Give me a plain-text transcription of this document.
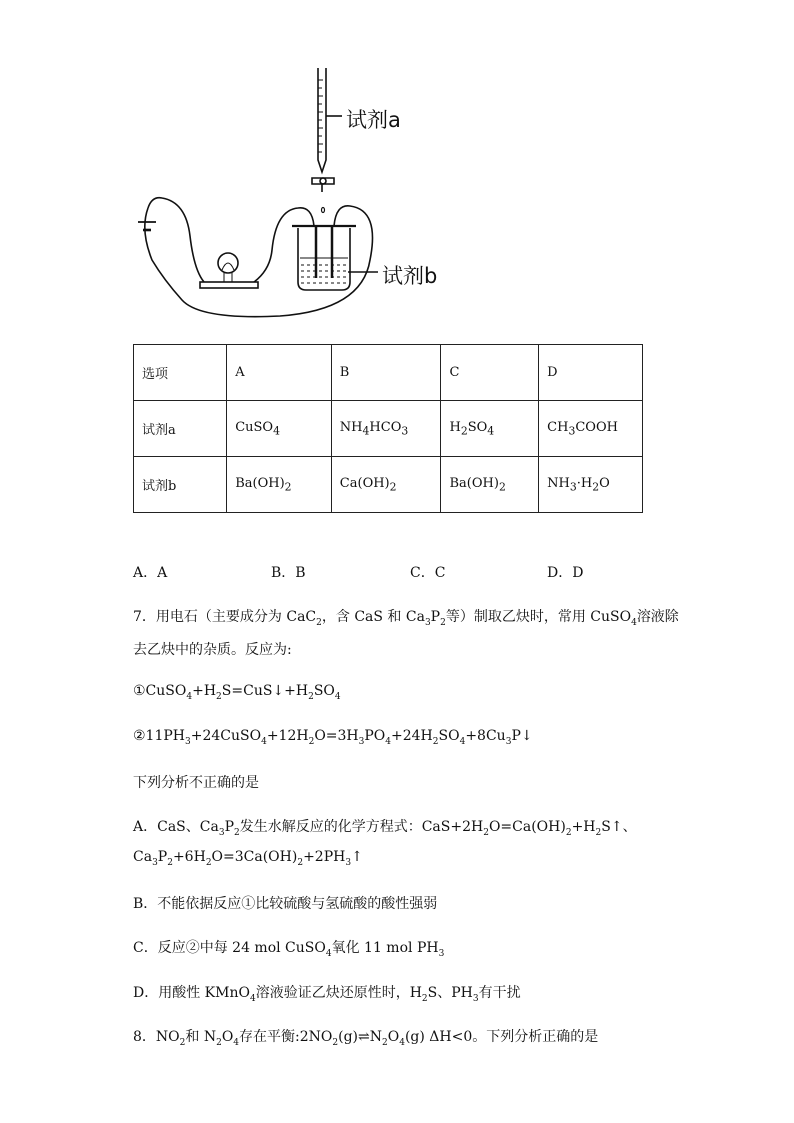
试剂a
试剂b
选项	A	B	C	D
试剂a	CuSO$_4$	$NH_4HCO_3$	$H_2SO_4$	$CH_3COOH$
试剂b	$Ba(OH)_2$	$Ca(OH)_2$	$Ba(OH)_2$	$NH_3\cdot H_2O$
A．A	B．B	C．C	D．D
7．用电石（主要成分为 CaC$_2$，含 CaS 和 $Ca_3P_2$等）制取乙炔时，常用 CuSO$_4$溶液除
去乙炔中的杂质。反应为:
$①CuSO_4+H_2S=CuS↓+H_2SO_4$
$②11PH_3+24CuSO_4+12H_2O=3H_3PO_4+24H_2SO_4+8Cu_3P↓$
下列分析不正确的是
A．CaS、$Ca_3P_2$发生水解反应的化学方程式：$CaS+2H_2O=Ca(OH)_2+H_2S↑$、
$Ca_3P_2+6H_2O=3Ca(OH)_2+2PH_3↑$
B．不能依据反应①比较硫酸与氢硫酸的酸性强弱
C．反应②中每 24 mol CuSO$_4$氧化 11 mol $PH_3$
D．用酸性 KMnO$_4$溶液验证乙炔还原性时，$H_2S$、$PH_3$有干扰
8．$NO_2$和 $N_2O_4$存在平衡$:2NO_2(g)\rightleftharpoons N_2O_4(g)$ ΔH<0。下列分析正确的是
